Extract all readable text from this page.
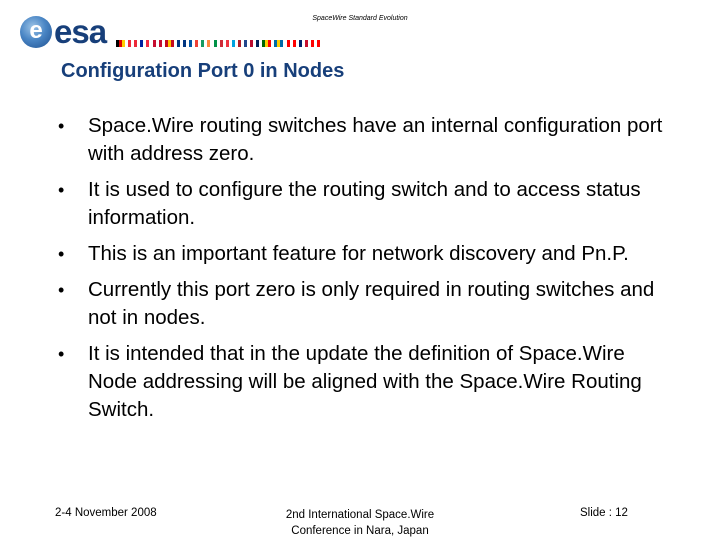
e esa	SpaceWire Standard Evolution
Configuration Port 0 in Nodes
• Space.Wire routing switches have an internal configuration port with address zero.
• It is used to configure the routing switch and to access status information.
• This is an important feature for network discovery and Pn.P.
• Currently this port zero is only required in routing switches and not in nodes.
• It is intended that in the update the definition of Space.Wire Node addressing will be aligned with the Space.Wire Routing Switch.
2-4 November 2008	2nd International Space.Wire
Conference in Nara, Japan
Slide : 12
